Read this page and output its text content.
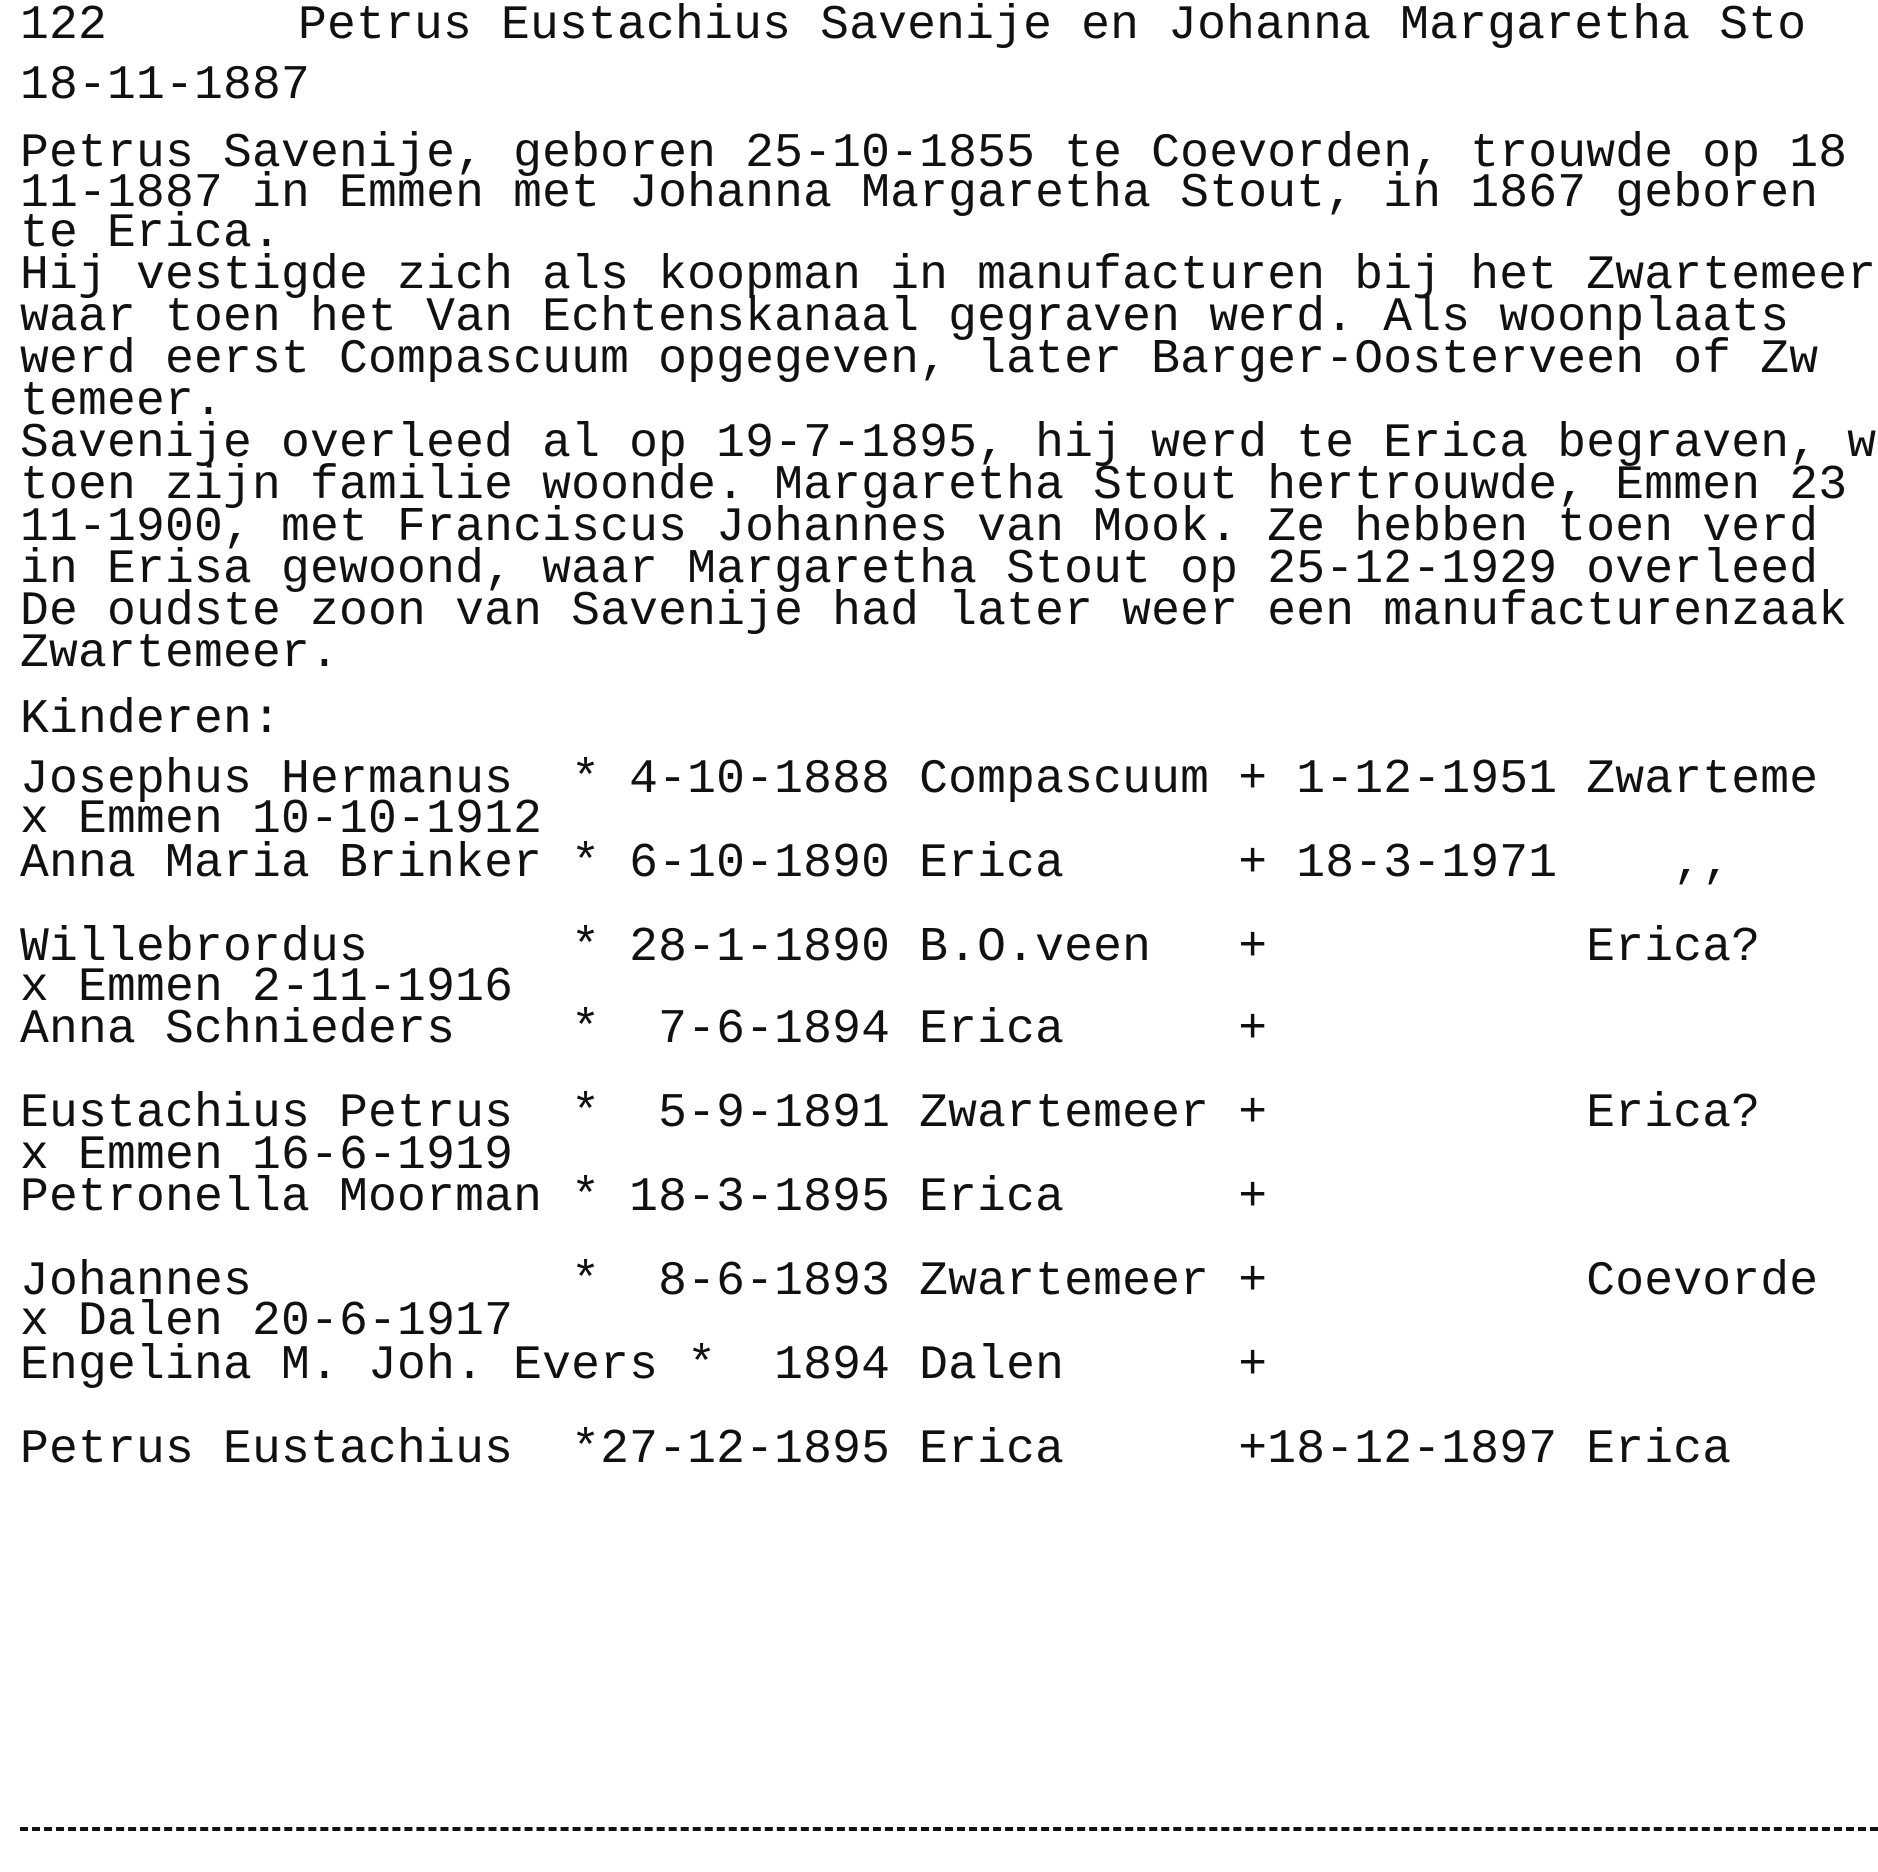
122	Petrus Eustachius Savenije en Johanna Margaretha Sto
18-11-1887
Petrus Savenije, geboren 25-10-1855 te Coevorden, trouwde op 18
11-1887 in Emmen met Johanna Margaretha Stout, in 1867 geboren
te Erica.
Hij vestigde zich als koopman in manufacturen bij het Zwartemeer
waar toen het Van Echtenskanaal gegraven werd. Als woonplaats
werd eerst Compascuum opgegeven, later Barger-Oosterveen of Zw
temeer.
Savenije overleed al op 19-7-1895, hij werd te Erica begraven, w
toen zijn familie woonde. Margaretha Stout hertrouwde, Emmen 23
11-1900, met Franciscus Johannes van Mook. Ze hebben toen verd
in Erisa gewoond, waar Margaretha Stout op 25-12-1929 overleed
De oudste zoon van Savenije had later weer een manufacturenzaak
Zwartemeer.
Kinderen:
Josephus Hermanus  * 4-10-1888 Compascuum + 1-12-1951 Zwarteme
x Emmen 10-10-1912
Anna Maria Brinker * 6-10-1890 Erica      + 18-3-1971    ,,
Willebrordus       * 28-1-1890 B.O.veen   +           Erica?
x Emmen 2-11-1916
Anna Schnieders    *  7-6-1894 Erica      +
Eustachius Petrus  *  5-9-1891 Zwartemeer +           Erica?
x Emmen 16-6-1919
Petronella Moorman * 18-3-1895 Erica      +
Johannes           *  8-6-1893 Zwartemeer +           Coevorde
x Dalen 20-6-1917
Engelina M. Joh. Evers *  1894 Dalen      +
Petrus Eustachius  *27-12-1895 Erica      +18-12-1897 Erica
